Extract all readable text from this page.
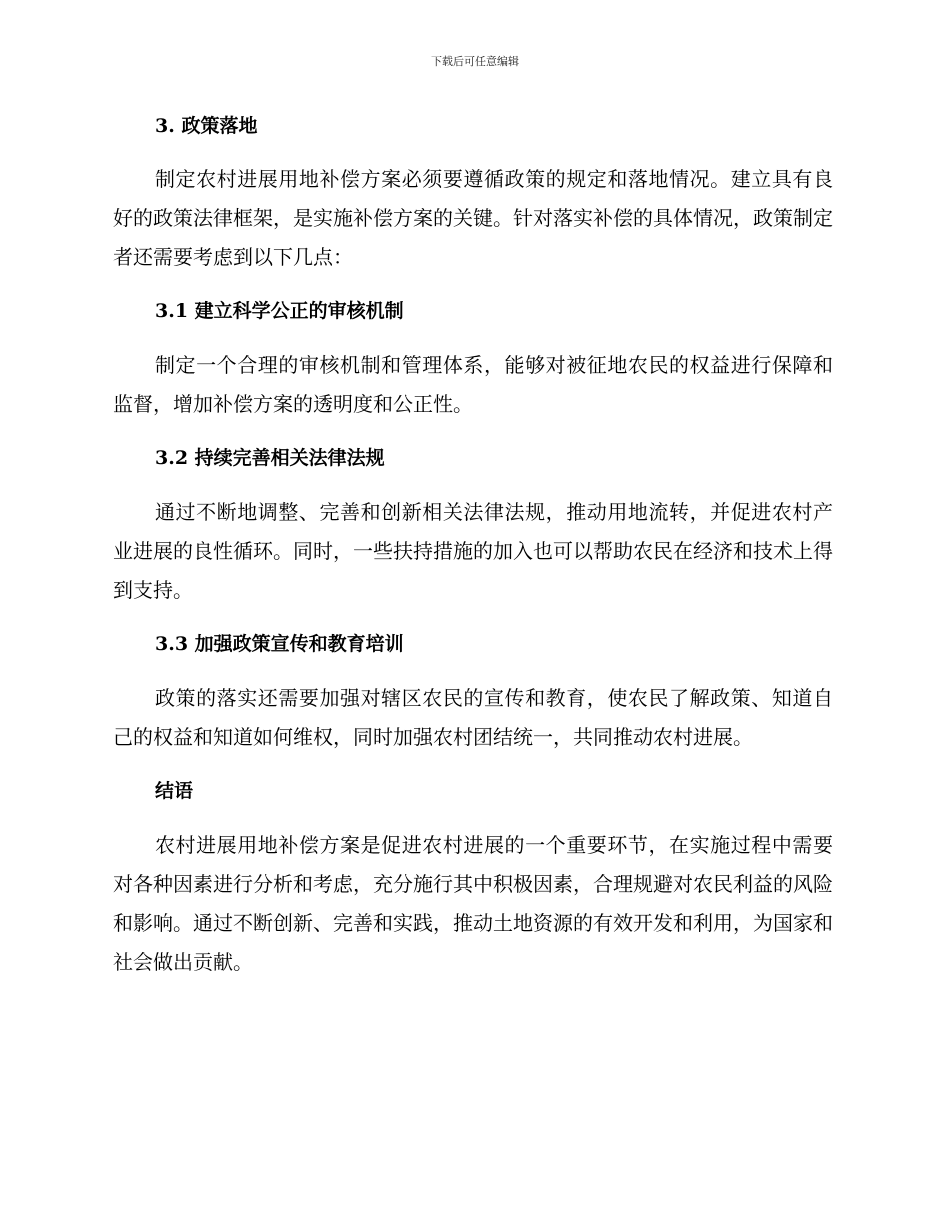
下载后可任意编辑
3. 政策落地

制定农村进展用地补偿方案必须要遵循政策的规定和落地情况。建立具有良好的政策法律框架，是实施补偿方案的关键。针对落实补偿的具体情况，政策制定者还需要考虑到以下几点：

3.1 建立科学公正的审核机制

制定一个合理的审核机制和管理体系，能够对被征地农民的权益进行保障和监督，增加补偿方案的透明度和公正性。

3.2 持续完善相关法律法规

通过不断地调整、完善和创新相关法律法规，推动用地流转，并促进农村产业进展的良性循环。同时，一些扶持措施的加入也可以帮助农民在经济和技术上得到支持。

3.3 加强政策宣传和教育培训

政策的落实还需要加强对辖区农民的宣传和教育，使农民了解政策、知道自己的权益和知道如何维权，同时加强农村团结统一，共同推动农村进展。

结语

农村进展用地补偿方案是促进农村进展的一个重要环节，在实施过程中需要对各种因素进行分析和考虑，充分施行其中积极因素，合理规避对农民利益的风险和影响。通过不断创新、完善和实践，推动土地资源的有效开发和利用，为国家和社会做出贡献。
